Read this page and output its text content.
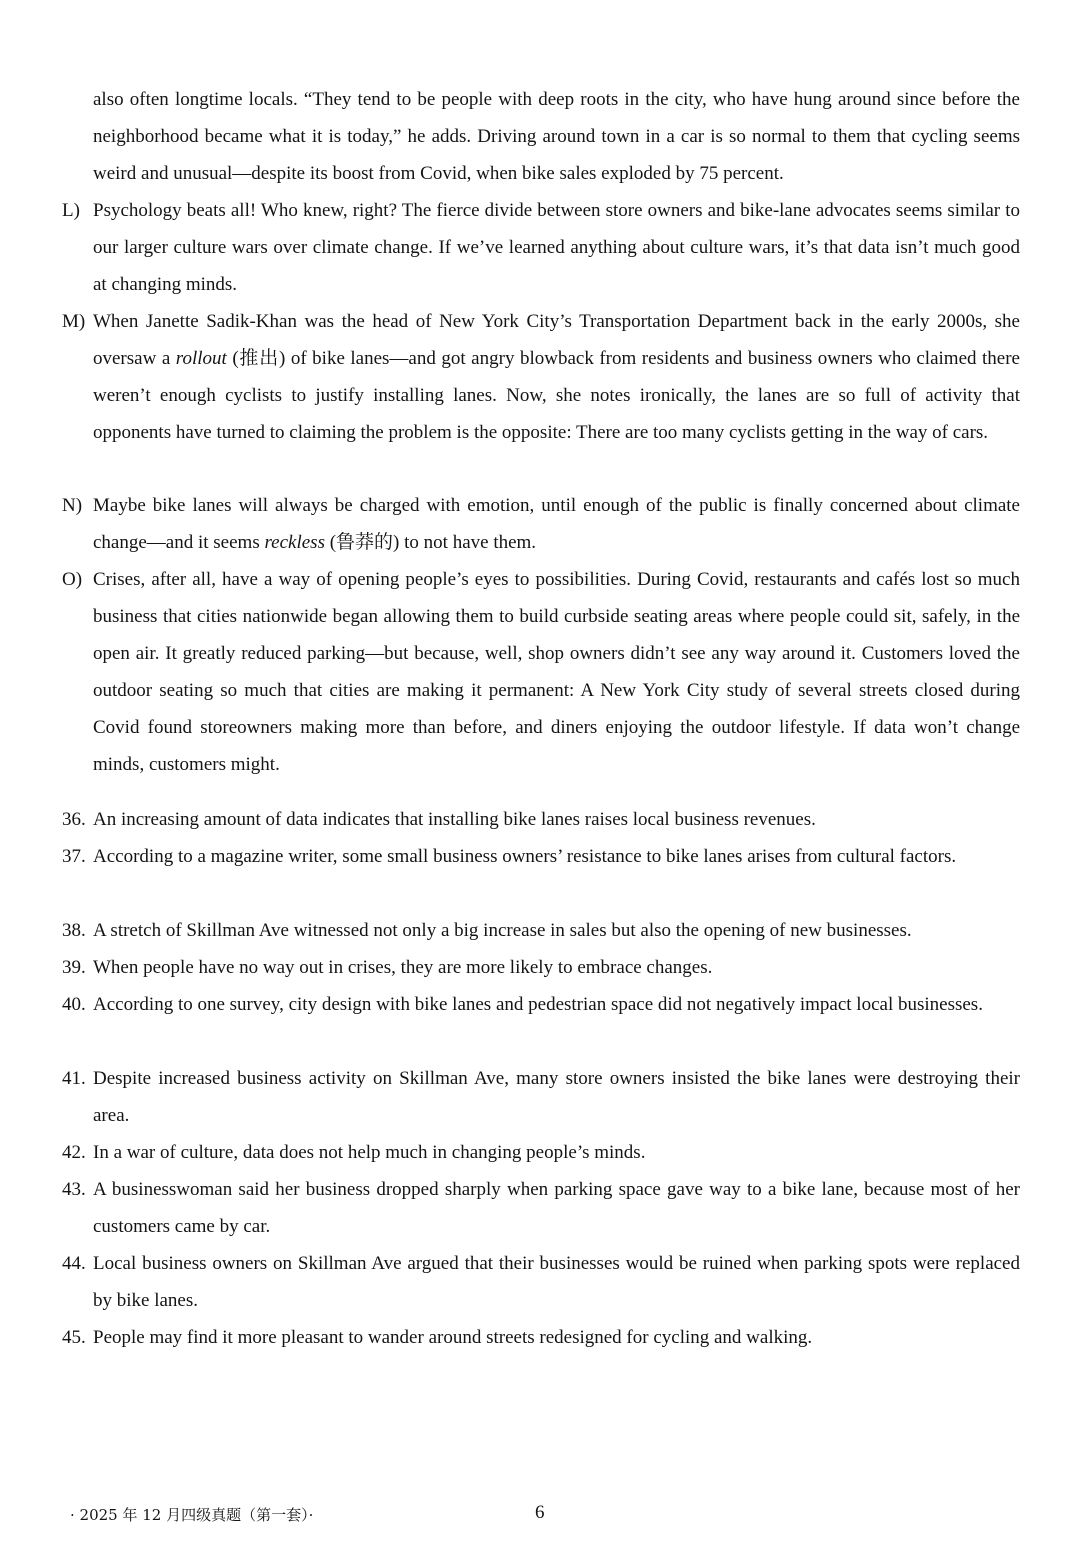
also often longtime locals. “They tend to be people with deep roots in the city, who have hung around since before the neighborhood became what it is today,” he adds. Driving around town in a car is so normal to them that cycling seems weird and unusual—despite its boost from Covid, when bike sales exploded by 75 percent.
L) Psychology beats all! Who knew, right? The fierce divide between store owners and bike-lane advocates seems similar to our larger culture wars over climate change. If we’ve learned anything about culture wars, it’s that data isn’t much good at changing minds.
M) When Janette Sadik-Khan was the head of New York City’s Transportation Department back in the early 2000s, she oversaw a rollout (推出) of bike lanes—and got angry blowback from residents and business owners who claimed there weren’t enough cyclists to justify installing lanes. Now, she notes ironically, the lanes are so full of activity that opponents have turned to claiming the problem is the opposite: There are too many cyclists getting in the way of cars.
N) Maybe bike lanes will always be charged with emotion, until enough of the public is finally concerned about climate change—and it seems reckless (鲁莽的) to not have them.
O) Crises, after all, have a way of opening people’s eyes to possibilities. During Covid, restaurants and cafés lost so much business that cities nationwide began allowing them to build curbside seating areas where people could sit, safely, in the open air. It greatly reduced parking—but because, well, shop owners didn’t see any way around it. Customers loved the outdoor seating so much that cities are making it permanent: A New York City study of several streets closed during Covid found storeowners making more than before, and diners enjoying the outdoor lifestyle. If data won’t change minds, customers might.
36. An increasing amount of data indicates that installing bike lanes raises local business revenues.
37. According to a magazine writer, some small business owners’ resistance to bike lanes arises from cultural factors.
38. A stretch of Skillman Ave witnessed not only a big increase in sales but also the opening of new businesses.
39. When people have no way out in crises, they are more likely to embrace changes.
40. According to one survey, city design with bike lanes and pedestrian space did not negatively impact local businesses.
41. Despite increased business activity on Skillman Ave, many store owners insisted the bike lanes were destroying their area.
42. In a war of culture, data does not help much in changing people’s minds.
43. A businesswoman said her business dropped sharply when parking space gave way to a bike lane, because most of her customers came by car.
44. Local business owners on Skillman Ave argued that their businesses would be ruined when parking spots were replaced by bike lanes.
45. People may find it more pleasant to wander around streets redesigned for cycling and walking.
· 2025 年 12 月四级真题（第一套）·	6
